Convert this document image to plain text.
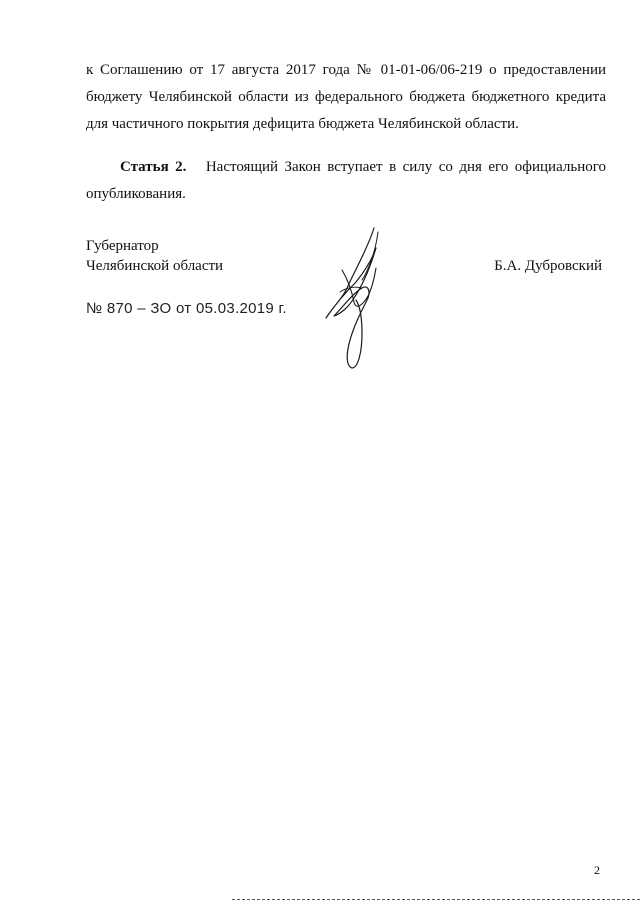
к Соглашению от 17 августа 2017 года № 01-01-06/06-219 о предоставлении бюджету Челябинской области из федерального бюджета бюджетного кредита для частичного покрытия дефицита бюджета Челябинской области.

Статья 2. Настоящий Закон вступает в силу со дня его официального опубликования.

Губернатор
Челябинской области	Б.А. Дубровский
№ 870 – ЗО от 05.03.2019 г.
2
